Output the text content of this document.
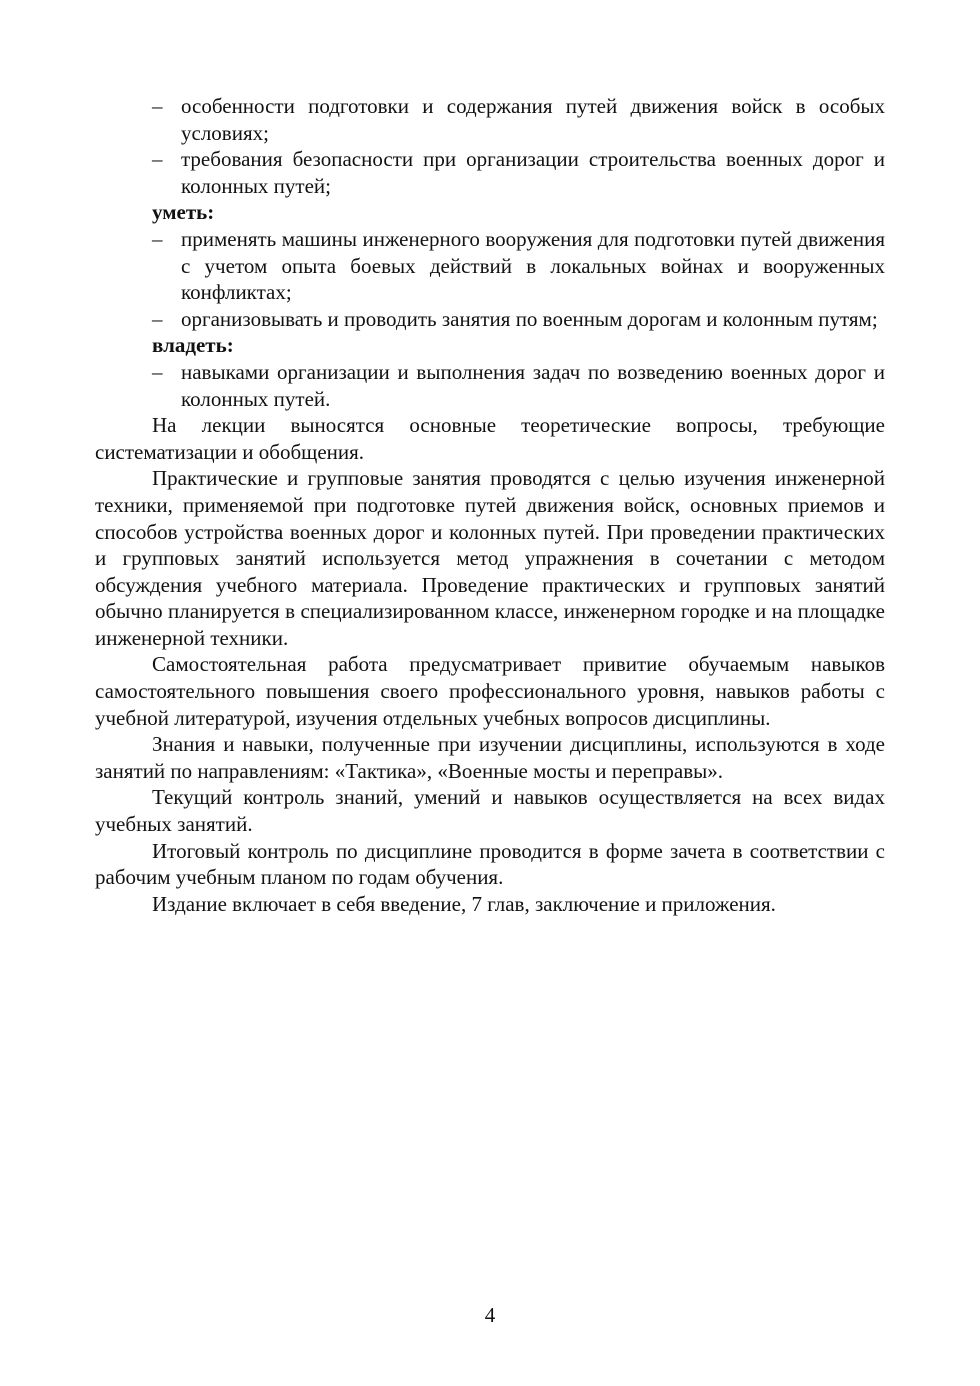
– особенности подготовки и содержания путей движения войск в особых условиях;

– требования безопасности при организации строительства военных дорог и колонных путей;

уметь:

– применять машины инженерного вооружения для подготовки путей движения с учетом опыта боевых действий в локальных войнах и вооруженных конфликтах;

– организовывать и проводить занятия по военным дорогам и колонным путям;

владеть:

– навыками организации и выполнения задач по возведению военных дорог и колонных путей.

На лекции выносятся основные теоретические вопросы, требующие систематизации и обобщения.

Практические и групповые занятия проводятся с целью изучения инженерной техники, применяемой при подготовке путей движения войск, основных приемов и способов устройства военных дорог и колонных путей. При проведении практических и групповых занятий используется метод упражнения в сочетании с методом обсуждения учебного материала. Проведение практических и групповых занятий обычно планируется в специализированном классе, инженерном городке и на площадке инженерной техники.

Самостоятельная работа предусматривает привитие обучаемым навыков самостоятельного повышения своего профессионального уровня, навыков работы с учебной литературой, изучения отдельных учебных вопросов дисциплины.

Знания и навыки, полученные при изучении дисциплины, используются в ходе занятий по направлениям: «Тактика», «Военные мосты и переправы».

Текущий контроль знаний, умений и навыков осуществляется на всех видах учебных занятий.

Итоговый контроль по дисциплине проводится в форме зачета в соответствии с рабочим учебным планом по годам обучения.

Издание включает в себя введение, 7 глав, заключение и приложения.

4
